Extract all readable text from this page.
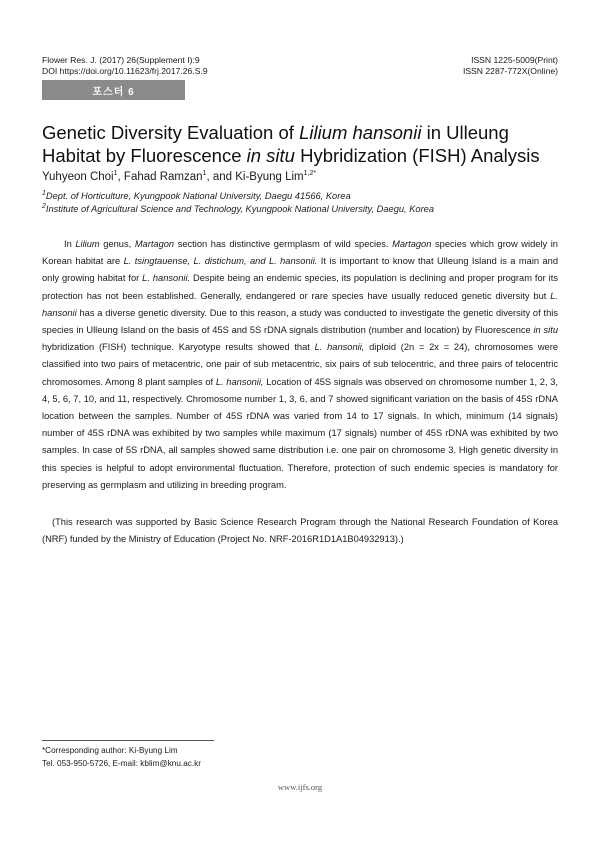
Flower Res. J. (2017) 26(Supplement I):9	ISSN 1225-5009(Print)
DOI https://doi.org/10.11623/frj.2017.26.S.9	ISSN 2287-772X(Online)
포스터 6
Genetic Diversity Evaluation of Lilium hansonii in Ulleung Habitat by Fluorescence in situ Hybridization (FISH) Analysis
Yuhyeon Choi$^1$, Fahad Ramzan$^1$, and Ki-Byung Lim$^{1,2*}$
$^1$Dept. of Horticulture, Kyungpook National University, Daegu 41566, Korea
$^2$Institute of Agricultural Science and Technology, Kyungpook National University, Daegu, Korea

In Lilium genus, Martagon section has distinctive germplasm of wild species. Martagon species which grow widely in Korean habitat are L. tsingtauense, L. distichum, and L. hansonii. It is important to know that Ulleung Island is a main and only growing habitat for L. hansonii. Despite being an endemic species, its population is declining and proper program for its protection has not been established. Generally, endangered or rare species have usually reduced genetic diversity but L. hansonii has a diverse genetic diversity. Due to this reason, a study was conducted to investigate the genetic diversity of this species in Ulleung Island on the basis of 45S and 5S rDNA signals distribution (number and location) by Fluorescence in situ hybridization (FISH) technique. Karyotype results showed that L. hansonii, diploid (2n = 2x = 24), chromosomes were classified into two pairs of metacentric, one pair of sub metacentric, six pairs of sub telocentric, and three pairs of telocentric chromosomes. Among 8 plant samples of L. hansonii, Location of 45S signals was observed on chromosome number 1, 2, 3, 4, 5, 6, 7, 10, and 11, respectively. Chromosome number 1, 3, 6, and 7 showed significant variation on the basis of 45S rDNA location between the samples. Number of 45S rDNA was varied from 14 to 17 signals. In which, minimum (14 signals) number of 45S rDNA was exhibited by two samples while maximum (17 signals) number of 45S rDNA was exhibited by two samples. In case of 5S rDNA, all samples showed same distribution i.e. one pair on chromosome 3. High genetic diversity in this species is helpful to adopt environmental fluctuation. Therefore, protection of such endemic species is mandatory for preserving as germplasm and utilizing in breeding program.

(This research was supported by Basic Science Research Program through the National Research Foundation of Korea (NRF) funded by the Ministry of Education (Project No. NRF-2016R1D1A1B04932913).)

*Corresponding author: Ki-Byung Lim
Tel. 053-950-5726, E-mail: kblim@knu.ac.kr
www.ijfs.org
